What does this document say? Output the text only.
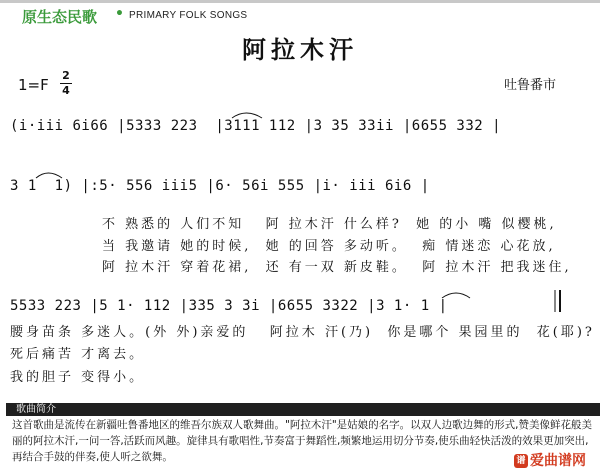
原生态民歌 • PRIMARY FOLK SONGS
阿拉木汗
1=F
2
4	吐鲁番市
(i·iii 6i66 |5333 223  |3111 112 |3 35 33ii |6655 332 |
3 1  1) |:5· 556 iii5 |6· 56i 555 |i· iii 6i6 |
不 熟悉的 人们不知   阿 拉木汗 什么样?  她 的小 嘴 似樱桃,
当 我邀请 她的时候,  她 的回答 多动听。  痴 情迷恋 心花放,
阿 拉木汗 穿着花裙,  还 有一双 新皮鞋。  阿 拉木汗 把我迷住,
5533 223 |5 1· 112 |335 3 3i |6655 3322 |3 1· 1 |
腰身苗条 多迷人。(外 外)亲爱的   阿拉木 汗(乃)  你是哪个 果园里的  花(耶)?
死后痛苦 才离去。
我的胆子 变得小。
歌曲简介
这首歌曲是流传在新疆吐鲁番地区的维吾尔族双人歌舞曲。"阿拉木汗"是姑娘的名字。以双人边歌边舞的形式,赞美像鲜花般美丽的阿拉木汗,一问一答,活跃而风趣。旋律具有歌唱性,节奏富于舞蹈性,频繁地运用切分节奏,使乐曲轻快活泼的效果更加突出,再结合手鼓的伴奏,使人听之欲舞。	谱 爱曲谱网
